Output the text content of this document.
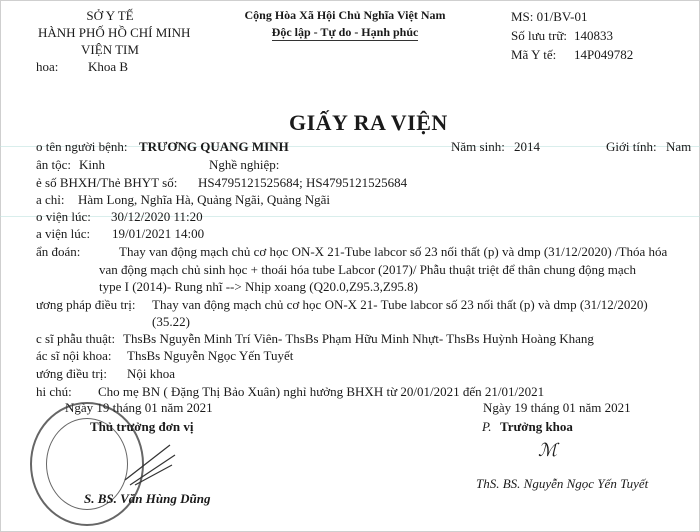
SỞ Y TẾ
HÀNH PHỐ HỒ CHÍ MINH
VIỆN TIM
hoa: Khoa B
Cộng Hòa Xã Hội Chủ Nghĩa Việt Nam
Độc lập - Tự do - Hạnh phúc
MS: 01/BV-01
Số lưu trữ: 140833
Mã Y tế: 14P049782
GIẤY RA VIỆN
o tên người bệnh: TRƯƠNG QUANG MINH	Năm sinh: 2014	Giới tính: Nam
ân tộc: Kinh	Nghề nghiệp:
ẻ số BHXH/Thẻ BHYT số: HS4795121525684; HS4795121525684
a chỉ: Hàm Long, Nghĩa Hà, Quảng Ngãi, Quảng Ngãi
o viện lúc: 30/12/2020 11:20
a viện lúc: 19/01/2021 14:00
ẩn đoán:	Thay van động mạch chủ cơ học ON-X 21-Tube labcor số 23 nối thất (p) và dmp (31/12/2020) /Thóa hóa
van động mạch chủ sinh học + thoái hóa tube Labcor (2017)/ Phẫu thuật triệt để thân chung động mạch
type I (2014)- Rung nhĩ --> Nhịp xoang (Q20.0,Z95.3,Z95.8)
ương pháp điều trị: Thay van động mạch chủ cơ học ON-X 21- Tube labcor số 23 nối thất (p) và dmp (31/12/2020)
(35.22)
c sĩ phẫu thuật: ThsBs Nguyễn Minh Trí Viên- ThsBs Phạm Hữu Minh Nhựt- ThsBs Huỳnh Hoàng Khang
ác sĩ nội khoa: ThsBs Nguyễn Ngọc Yến Tuyết
ướng điều trị: Nội khoa
hi chú: Cho mẹ BN ( Đặng Thị Bảo Xuân) nghỉ hưởng BHXH từ 20/01/2021 đến 21/01/2021
Ngày 19 tháng 01 năm 2021
Thủ trưởng đơn vị
S. BS. Văn Hùng Dũng
Ngày 19 tháng 01 năm 2021
P. Trưởng khoa
ℳ
ThS. BS. Nguyễn Ngọc Yến Tuyết
